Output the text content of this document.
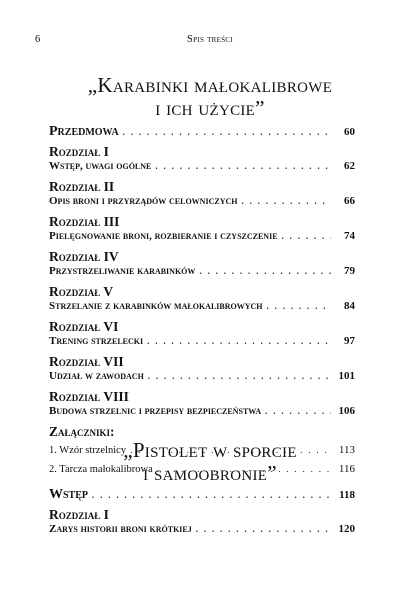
6	Spis treści
„Karabinki małokalibrowe
i ich użycie”
Przedmowa . . .	60
Rozdział I
Wstęp, uwagi ogólne . . .	62
Rozdział II
Opis broni i przyrządów celowniczych . . .	66
Rozdział III
Pielęgnowanie broni, rozbieranie i czyszczenie . . .	74
Rozdział IV
Przystrzeliwanie karabinków . . .	79
Rozdział V
Strzelanie z karabinków małokalibrowych . . .	84
Rozdział VI
Trening strzelecki . . .	97
Rozdział VII
Udział w zawodach . . .	101
Rozdział VIII
Budowa strzelnic i przepisy bezpieczeństwa . . .	106
Załączniki:
1. Wzór strzelnicy . . .	113
2. Tarcza małokalibrowa . . .	116
„Pistolet w sporcie
i samoobronie”
Wstęp . . .	118
Rozdział I
Zarys historii broni krótkiej . . .	120
